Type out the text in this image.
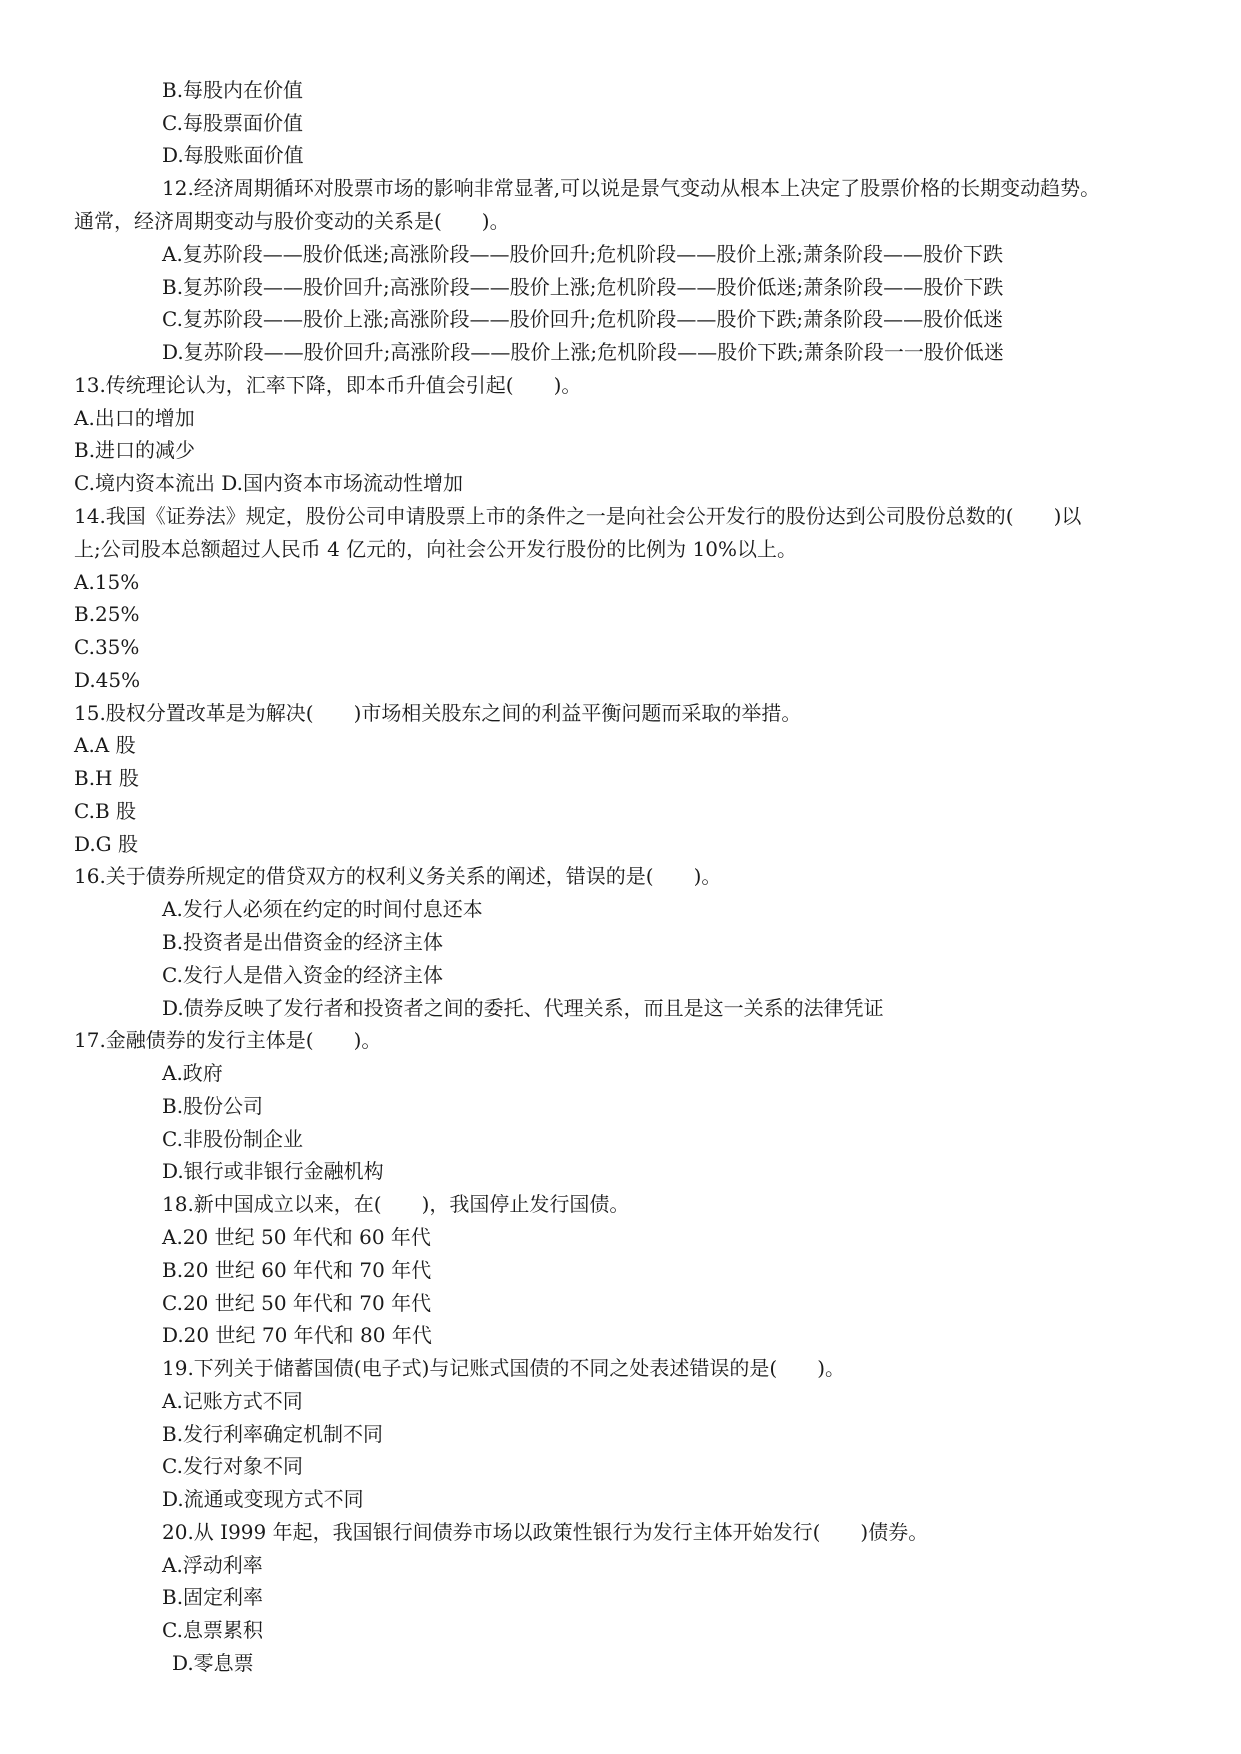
B.每股内在价值

C.每股票面价值

D.每股账面价值

12.经济周期循环对股票市场的影响非常显著,可以说是景气变动从根本上决定了股票价格的长期变动趋势。

通常，经济周期变动与股价变动的关系是(　　)。

A.复苏阶段——股价低迷;高涨阶段——股价回升;危机阶段——股价上涨;萧条阶段——股价下跌

B.复苏阶段——股价回升;高涨阶段——股价上涨;危机阶段——股价低迷;萧条阶段——股价下跌

C.复苏阶段——股价上涨;高涨阶段——股价回升;危机阶段——股价下跌;萧条阶段——股价低迷

D.复苏阶段——股价回升;高涨阶段——股价上涨;危机阶段——股价下跌;萧条阶段一一股价低迷

13.传统理论认为，汇率下降，即本币升值会引起(　　)。

A.出口的增加

B.进口的减少

C.境内资本流出 D.国内资本市场流动性增加

14.我国《证券法》规定，股份公司申请股票上市的条件之一是向社会公开发行的股份达到公司股份总数的(　　)以

上;公司股本总额超过人民币 4 亿元的，向社会公开发行股份的比例为 10%以上。

A.15%

B.25%

C.35%

D.45%

15.股权分置改革是为解决(　　)市场相关股东之间的利益平衡问题而采取的举措。

A.A 股

B.H 股

C.B 股

D.G 股

16.关于债券所规定的借贷双方的权利义务关系的阐述，错误的是(　　)。

A.发行人必须在约定的时间付息还本

B.投资者是出借资金的经济主体

C.发行人是借入资金的经济主体

D.债券反映了发行者和投资者之间的委托、代理关系，而且是这一关系的法律凭证

17.金融债券的发行主体是(　　)。

A.政府

B.股份公司

C.非股份制企业

D.银行或非银行金融机构

18.新中国成立以来，在(　　)，我国停止发行国债。

A.20 世纪 50 年代和 60 年代

B.20 世纪 60 年代和 70 年代

C.20 世纪 50 年代和 70 年代

D.20 世纪 70 年代和 80 年代

19.下列关于储蓄国债(电子式)与记账式国债的不同之处表述错误的是(　　)。

A.记账方式不同

B.发行利率确定机制不同

C.发行对象不同

D.流通或变现方式不同

20.从 I999 年起，我国银行间债券市场以政策性银行为发行主体开始发行(　　)债券。

A.浮动利率

B.固定利率

C.息票累积

D.零息票
